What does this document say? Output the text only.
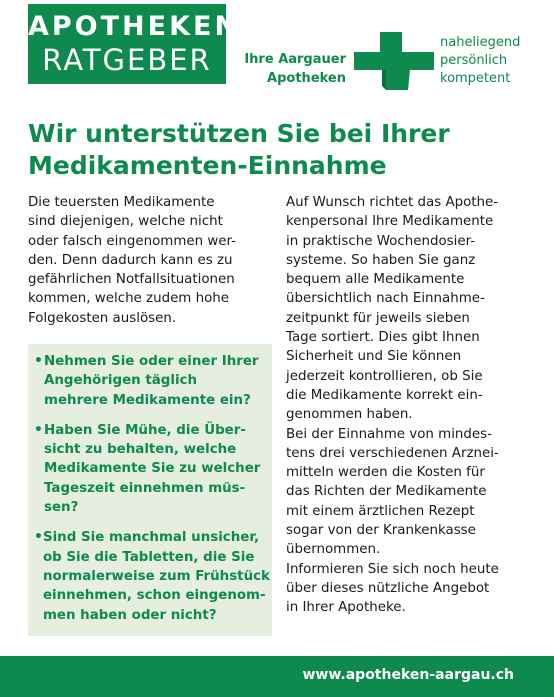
APOTHEKEN
RATGEBER	Ihre Aargauer
Apotheken
naheliegend
persönlich
kompetent
Wir unterstützen Sie bei Ihrer
Medikamenten-Einnahme
Die teuersten Medikamente
sind diejenigen, welche nicht
oder falsch eingenommen wer-
den. Denn dadurch kann es zu
gefährlichen Notfallsituationen
kommen, welche zudem hohe
Folgekosten auslösen.
• Nehmen Sie oder einer Ihrer
Angehörigen täglich
mehrere Medikamente ein?
• Haben Sie Mühe, die Über-
sicht zu behalten, welche
Medikamente Sie zu welcher
Tageszeit einnehmen müs-
sen?
• Sind Sie manchmal unsicher,
ob Sie die Tabletten, die Sie
normalerweise zum Frühstück
einnehmen, schon eingenom-
men haben oder nicht?
Auf Wunsch richtet das Apothe-
kenpersonal Ihre Medikamente
in praktische Wochendosier-
systeme. So haben Sie ganz
bequem alle Medikamente
übersichtlich nach Einnahme-
zeitpunkt für jeweils sieben
Tage sortiert. Dies gibt Ihnen
Sicherheit und Sie können
jederzeit kontrollieren, ob Sie
die Medikamente korrekt ein-
genommen haben.
Bei der Einnahme von mindes-
tens drei verschiedenen Arznei-
mitteln werden die Kosten für
das Richten der Medikamente
mit einem ärztlichen Rezept
sogar von der Krankenkasse
übernommen.
Informieren Sie sich noch heute
über dieses nützliche Angebot
in Ihrer Apotheke.
www.apotheken-aargau.ch
